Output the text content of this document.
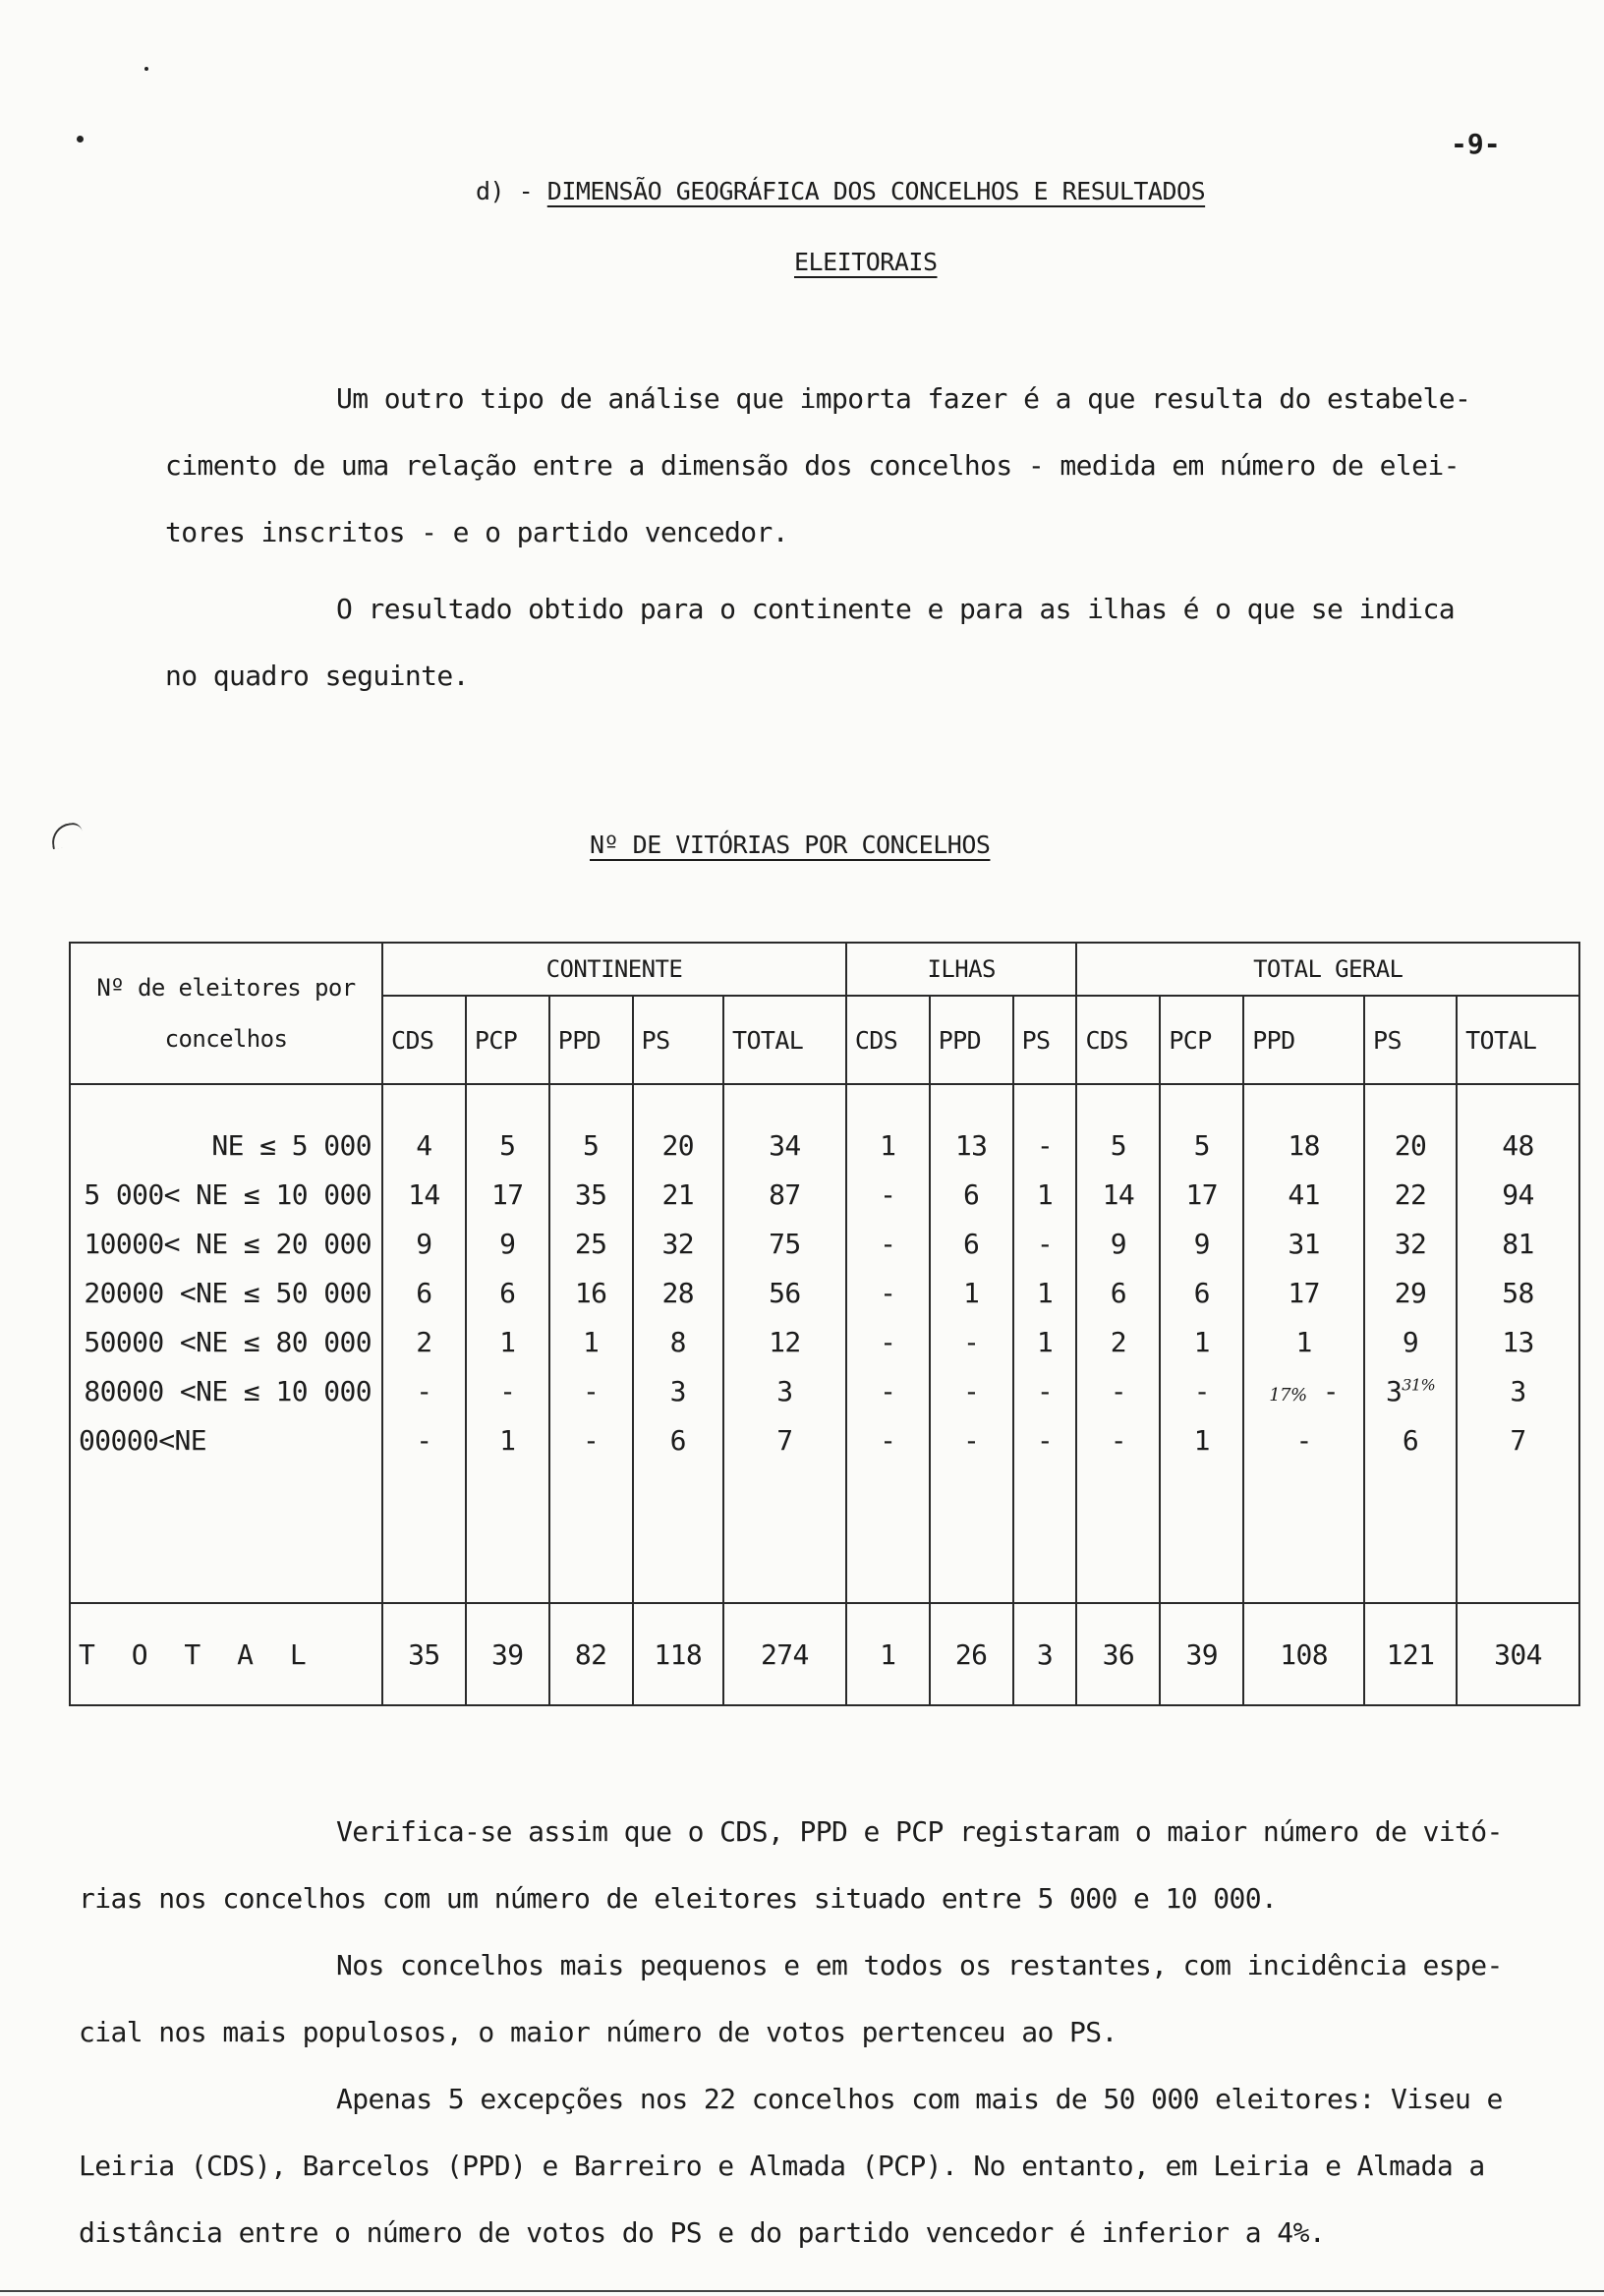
-9-
d) - DIMENSÃO GEOGRÁFICA DOS CONCELHOS E RESULTADOS
ELEITORAIS
Um outro tipo de análise que importa fazer é a que resulta do estabele-cimento de uma relação entre a dimensão dos concelhos - medida em número de elei-tores inscritos - e o partido vencedor.
O resultado obtido para o continente e para as ilhas é o que se indica no quadro seguinte.
Nº DE VITÓRIAS POR CONCELHOS
Nº de eleitores por concelhos	CONTINENTE					ILHAS			TOTAL GERAL				
	CDS	PCP	PPD	PS	TOTAL	CDS	PPD	PS	CDS	PCP	PPD	PS	TOTAL
NE ≤ 5 000	4	5	5	20	34	1	13	-	5	5	18	20	48
5 000< NE ≤ 10 000	14	17	35	21	87	-	6	1	14	17	41	22	94
10000< NE ≤ 20 000	9	9	25	32	75	-	6	-	9	9	31	32	81
20000 <NE ≤ 50 000	6	6	16	28	56	-	1	1	6	6	17	29	58
50000 <NE ≤ 80 000	2	1	1	8	12	-	-	1	2	1	1	9	13
80000 <NE ≤ 10 000	-	-	-	3	3	-	-	-	-	-	17% -	$3^{31\%}$	3
00000<NE	-	1	-	6	7	-	-	-	-	1	-	6	7

T O T A L	35	39	82	118	274	1	26	3	36	39	108	121	304
Verifica-se assim que o CDS, PPD e PCP registaram o maior número de vitó-rias nos concelhos com um número de eleitores situado entre 5 000 e 10 000.
Nos concelhos mais pequenos e em todos os restantes, com incidência espe-cial nos mais populosos, o maior número de votos pertenceu ao PS.
Apenas 5 excepções nos 22 concelhos com mais de 50 000 eleitores: Viseu e Leiria (CDS), Barcelos (PPD) e Barreiro e Almada (PCP). No entanto, em Leiria e Almada a distância entre o número de votos do PS e do partido vencedor é inferior a 4%.
